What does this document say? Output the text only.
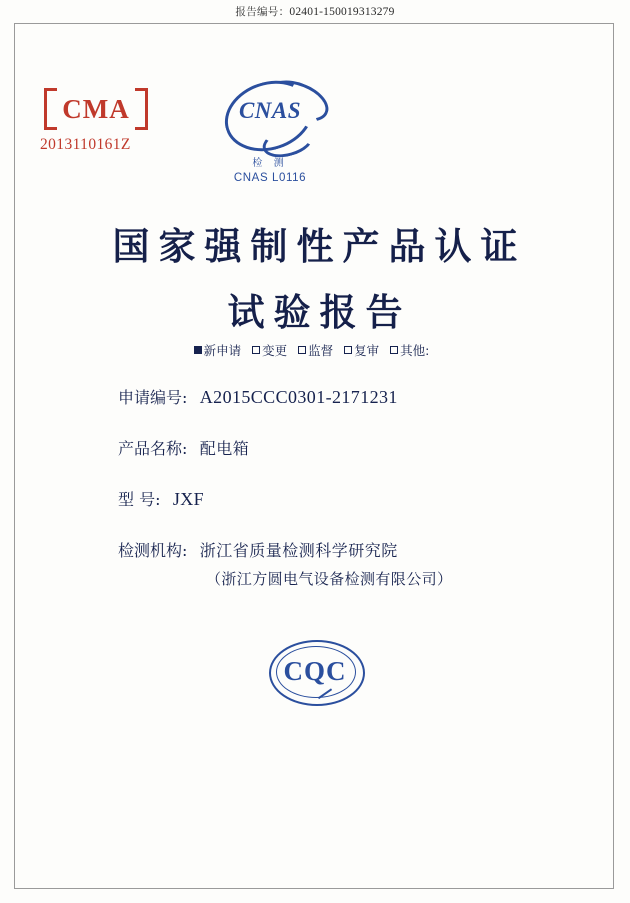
报告编号：02401-150019313279
CMA
2013110161Z
CNAS
检 测
CNAS L0116
国家强制性产品认证
试验报告
新申请 变更 监督 复审 其他:
申请编号: A2015CCC0301-2171231
产品名称: 配电箱
型 号: JXF
检测机构: 浙江省质量检测科学研究院
（浙江方圆电气设备检测有限公司）
CQC
